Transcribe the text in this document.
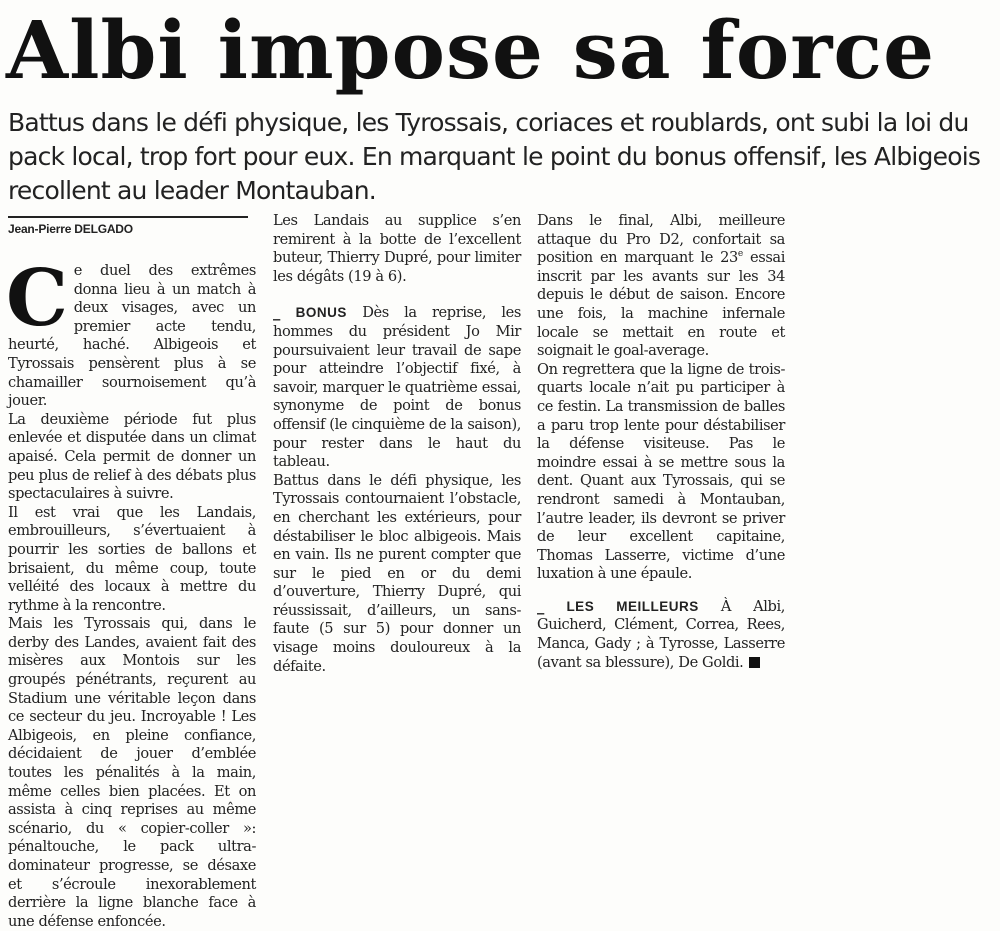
Albi impose sa force

Battus dans le défi physique, les Tyrossais, coriaces et roublards, ont subi la loi du pack local, trop fort pour eux. En marquant le point du bonus offensif, les Albigeois recollent au leader Montauban.

Jean-Pierre DELGADO

Ce duel des extrêmes donna lieu à un match à deux visages, avec un premier acte tendu, heurté, haché. Albigeois et Tyrossais pensèrent plus à se chamailler sournoisement qu’à jouer.

La deuxième période fut plus enlevée et disputée dans un climat apaisé. Cela permit de donner un peu plus de relief à des débats plus spectaculaires à suivre.

Il est vrai que les Landais, embrouilleurs, s’évertuaient à pourrir les sorties de ballons et brisaient, du même coup, toute velléité des locaux à mettre du rythme à la rencontre.

Mais les Tyrossais qui, dans le derby des Landes, avaient fait des misères aux Montois sur les groupés pénétrants, reçurent au Stadium une véritable leçon dans ce secteur du jeu. Incroyable ! Les Albigeois, en pleine confiance, décidaient de jouer d’emblée toutes les pénalités à la main, même celles bien placées. Et on assista à cinq reprises au même scénario, du « copier-coller »: pénaltouche, le pack ultra-dominateur progresse, se désaxe et s’écroule inexorablement derrière la ligne blanche face à une défense enfoncée.

Les Landais au supplice s’en remirent à la botte de l’excellent buteur, Thierry Dupré, pour limiter les dégâts (19 à 6).

_ BONUS Dès la reprise, les hommes du président Jo Mir poursuivaient leur travail de sape pour atteindre l’objectif fixé, à savoir, marquer le quatrième essai, synonyme de point de bonus offensif (le cinquième de la saison), pour rester dans le haut du tableau.

Battus dans le défi physique, les Tyrossais contournaient l’obstacle, en cherchant les extérieurs, pour déstabiliser le bloc albigeois. Mais en vain. Ils ne purent compter que sur le pied en or du demi d’ouverture, Thierry Dupré, qui réussissait, d’ailleurs, un sans-faute (5 sur 5) pour donner un visage moins douloureux à la défaite.

Dans le final, Albi, meilleure attaque du Pro D2, confortait sa position en marquant le 23e essai inscrit par les avants sur les 34 depuis le début de saison. Encore une fois, la machine infernale locale se mettait en route et soignait le goal-average.

On regrettera que la ligne de trois-quarts locale n’ait pu participer à ce festin. La transmission de balles a paru trop lente pour déstabiliser la défense visiteuse. Pas le moindre essai à se mettre sous la dent. Quant aux Tyrossais, qui se rendront samedi à Montauban, l’autre leader, ils devront se priver de leur excellent capitaine, Thomas Lasserre, victime d’une luxation à une épaule.

_ LES MEILLEURS À Albi, Guicherd, Clément, Correa, Rees, Manca, Gady ; à Tyrosse, Lasserre (avant sa blessure), De Goldi.
